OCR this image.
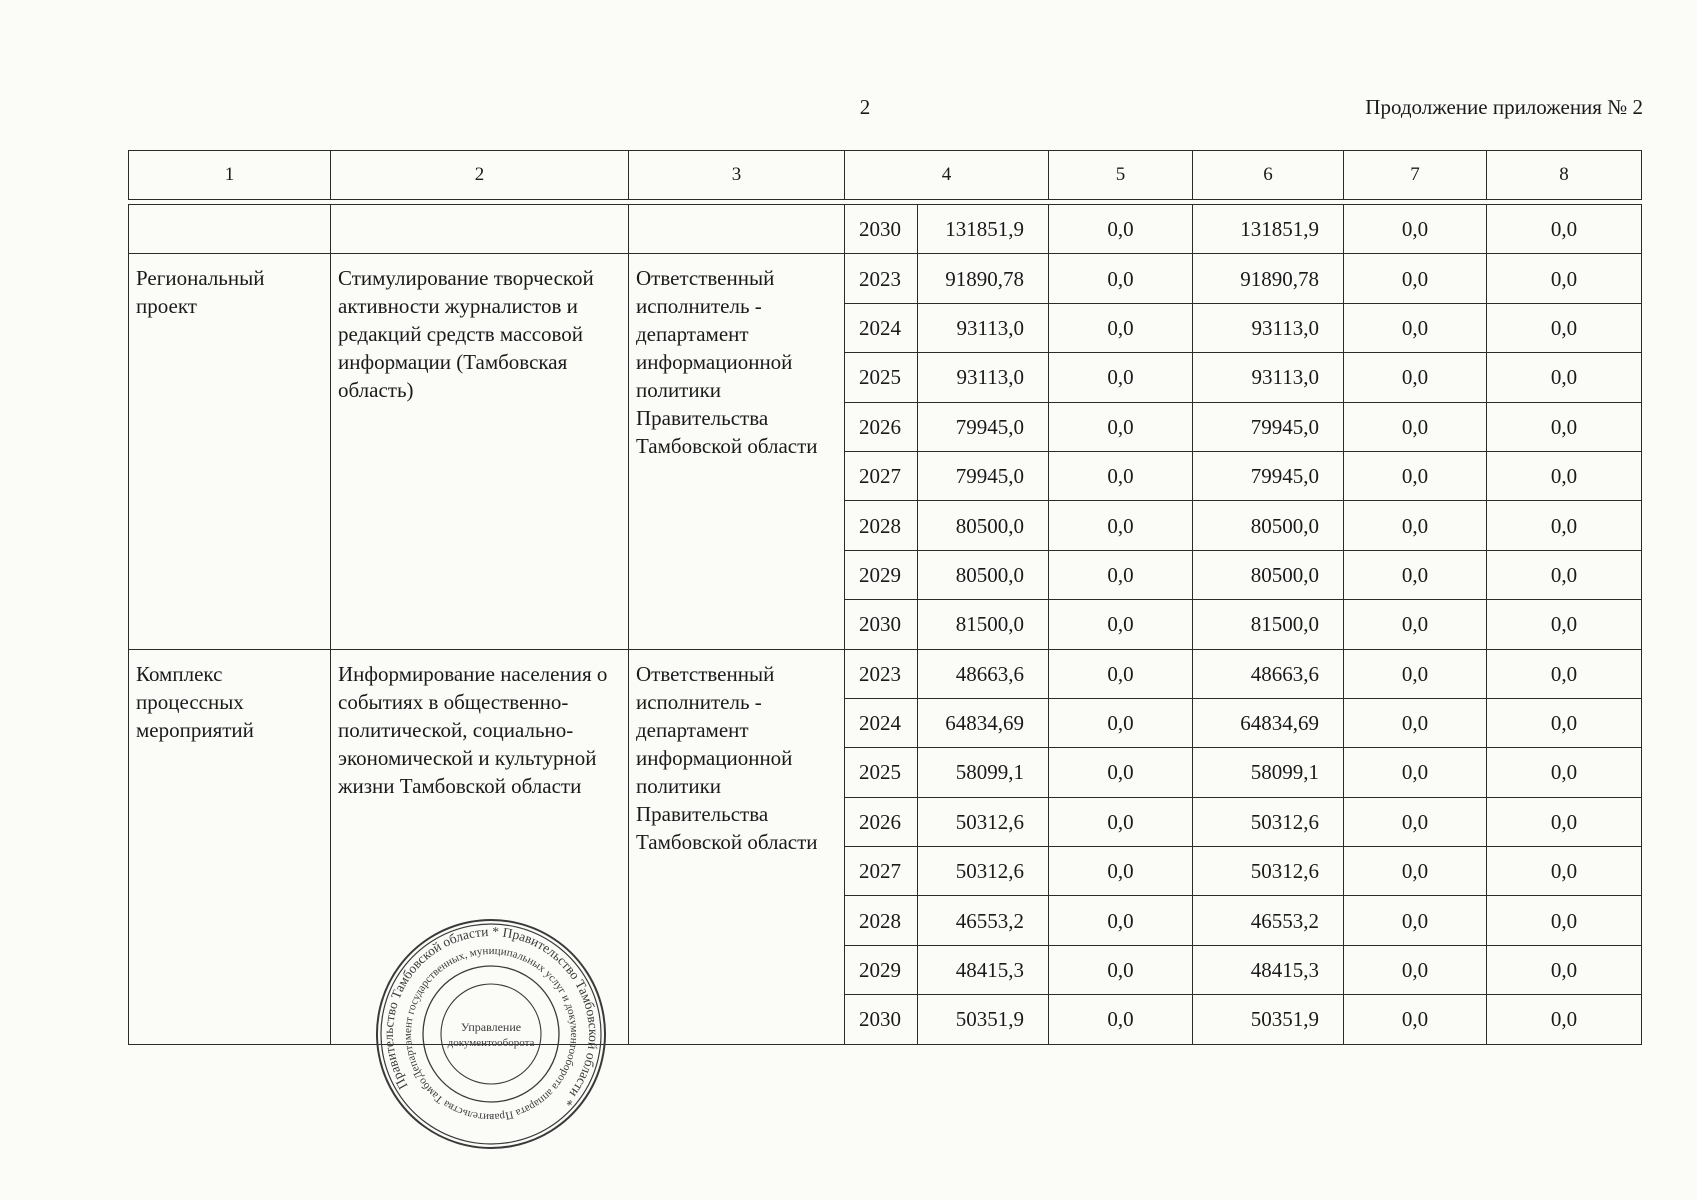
2	Продолжение приложения № 2
1	2	3	4		5	6	7	8

			2030	131851,9	0,0	131851,9	0,0	0,0
Региональный проект	Стимулирование творческой активности журналистов и редакций средств массовой информации (Тамбовская область)	Ответственный исполнитель - департамент информационной политики Правительства Тамбовской области	2023	91890,78	0,0	91890,78	0,0	0,0
			2024	93113,0	0,0	93113,0	0,0	0,0
			2025	93113,0	0,0	93113,0	0,0	0,0
			2026	79945,0	0,0	79945,0	0,0	0,0
			2027	79945,0	0,0	79945,0	0,0	0,0
			2028	80500,0	0,0	80500,0	0,0	0,0
			2029	80500,0	0,0	80500,0	0,0	0,0
			2030	81500,0	0,0	81500,0	0,0	0,0
Комплекс процессных мероприятий	Информирование населения о событиях в общественно-политической, социально-экономической и культурной жизни Тамбовской области	Ответственный исполнитель - департамент информационной политики Правительства Тамбовской области	2023	48663,6	0,0	48663,6	0,0	0,0
			2024	64834,69	0,0	64834,69	0,0	0,0
			2025	58099,1	0,0	58099,1	0,0	0,0
			2026	50312,6	0,0	50312,6	0,0	0,0
			2027	50312,6	0,0	50312,6	0,0	0,0
			2028	46553,2	0,0	46553,2	0,0	0,0
			2029	48415,3	0,0	48415,3	0,0	0,0
			2030	50351,9	0,0	50351,9	0,0	0,0
Правительство Тамбовской области * Правительство Тамбовской области *
Департамент государственных, муниципальных услуг и документооборота аппарата Правительства Тамбовской
Управление
документооборота
